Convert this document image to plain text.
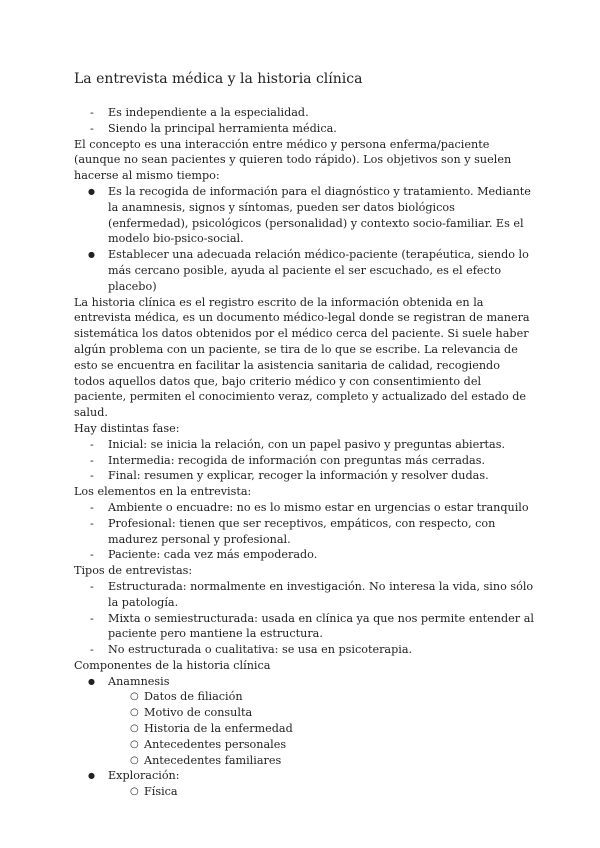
La entrevista médica y la historia clínica
- Es independiente a la especialidad.
- Siendo la principal herramienta médica.

El concepto es una interacción entre médico y persona enferma/paciente (aunque no sean pacientes y quieren todo rápido). Los objetivos son y suelen hacerse al mismo tiempo:

● Es la recogida de información para el diagnóstico y tratamiento. Mediante la anamnesis, signos y síntomas, pueden ser datos biológicos (enfermedad), psicológicos (personalidad) y contexto socio-familiar. Es el modelo bio-psico-social.
● Establecer una adecuada relación médico-paciente (terapéutica, siendo lo más cercano posible, ayuda al paciente el ser escuchado, es el efecto placebo)

La historia clínica es el registro escrito de la información obtenida en la entrevista médica, es un documento médico-legal donde se registran de manera sistemática los datos obtenidos por el médico cerca del paciente. Si suele haber algún problema con un paciente, se tira de lo que se escribe. La relevancia de esto se encuentra en facilitar la asistencia sanitaria de calidad, recogiendo todos aquellos datos que, bajo criterio médico y con consentimiento del paciente, permiten el conocimiento veraz, completo y actualizado del estado de salud.

Hay distintas fase:

- Inicial: se inicia la relación, con un papel pasivo y preguntas abiertas.
- Intermedia: recogida de información con preguntas más cerradas.
- Final: resumen y explicar, recoger la información y resolver dudas.

Los elementos en la entrevista:

- Ambiente o encuadre: no es lo mismo estar en urgencias o estar tranquilo
- Profesional: tienen que ser receptivos, empáticos, con respecto, con madurez personal y profesional.
- Paciente: cada vez más empoderado.

Tipos de entrevistas:

- Estructurada: normalmente en investigación. No interesa la vida, sino sólo la patología.
- Mixta o semiestructurada: usada en clínica ya que nos permite entender al paciente pero mantiene la estructura.
- No estructurada o cualitativa: se usa en psicoterapia.

Componentes de la historia clínica

● Anamnesis
○ Datos de filiación
○ Motivo de consulta
○ Historia de la enfermedad
○ Antecedentes personales
○ Antecedentes familiares
● Exploración:
○ Física
